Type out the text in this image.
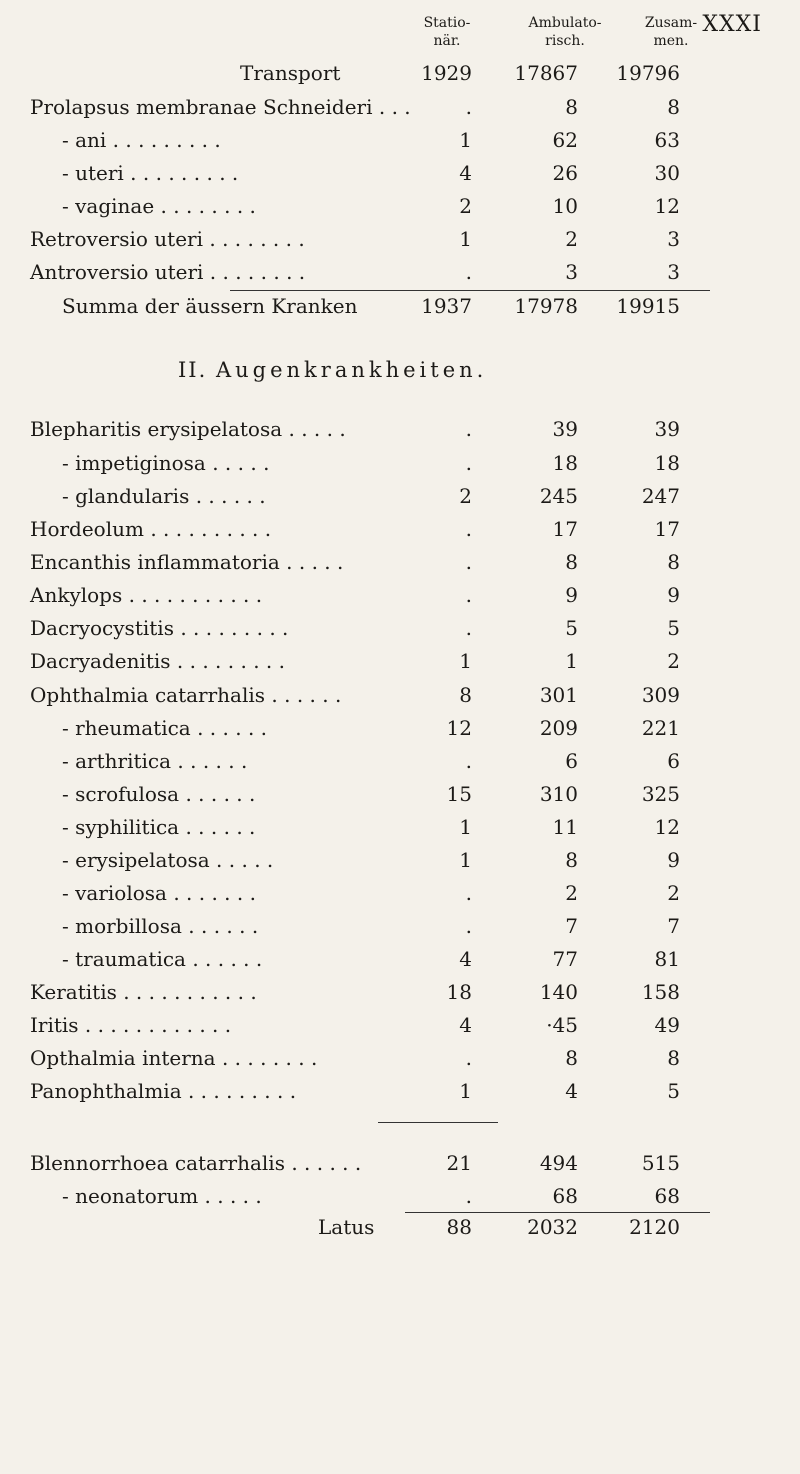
XXXI
Statio-
när.
Ambulato-
risch.
Zusam-
men.
Transport	1929	17867	19796
Prolapsus membranae Schneideri . . .	.	8	8
- ani . . . . . . . . .	1	62	63
- uteri . . . . . . . . .	4	26	30
- vaginae . . . . . . . .	2	10	12
Retroversio uteri . . . . . . . .	1	2	3
Antroversio uteri . . . . . . . .	.	3	3
Summa der äussern Kranken	1937	17978	19915
II. Augenkrankheiten.
Blepharitis erysipelatosa . . . . .	.	39	39
- impetiginosa . . . . .	.	18	18
- glandularis . . . . . .	2	245	247
Hordeolum . . . . . . . . . .	.	17	17
Encanthis inflammatoria . . . . .	.	8	8
Ankylops . . . . . . . . . . .	.	9	9
Dacryocystitis . . . . . . . . .	.	5	5
Dacryadenitis . . . . . . . . .	1	1	2
Ophthalmia catarrhalis . . . . . .	8	301	309
- rheumatica . . . . . .	12	209	221
- arthritica . . . . . .	.	6	6
- scrofulosa . . . . . .	15	310	325
- syphilitica . . . . . .	1	11	12
- erysipelatosa . . . . .	1	8	9
- variolosa . . . . . . .	.	2	2
- morbillosa . . . . . .	.	7	7
- traumatica . . . . . .	4	77	81
Keratitis . . . . . . . . . . .	18	140	158
Iritis . . . . . . . . . . . .	4	·45	49
Opthalmia interna . . . . . . . .	.	8	8
Panophthalmia . . . . . . . . .	1	4	5
Blennorrhoea catarrhalis . . . . . .	21	494	515
- neonatorum . . . . .	.	68	68
Latus	88	2032	2120
